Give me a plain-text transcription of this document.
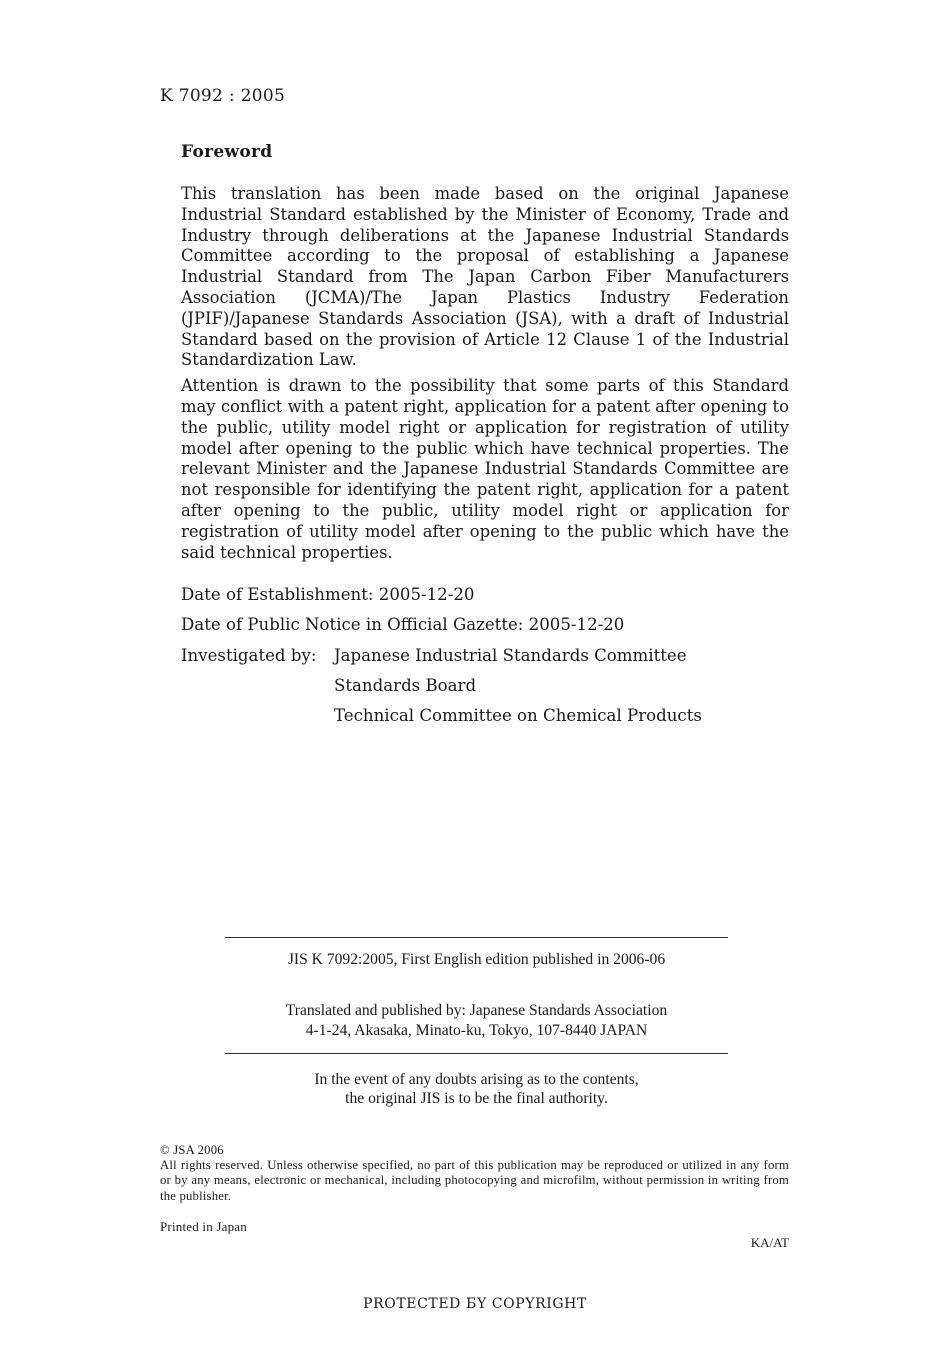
K 7092 : 2005
Foreword

This translation has been made based on the original Japanese Industrial Standard established by the Minister of Economy, Trade and Industry through deliberations at the Japanese Industrial Standards Committee according to the proposal of establishing a Japanese Industrial Standard from The Japan Carbon Fiber Manufacturers Association (JCMA)/The Japan Plastics Industry Federation (JPIF)/Japanese Standards Association (JSA), with a draft of Industrial Standard based on the provision of Article 12 Clause 1 of the Industrial Standardization Law.

Attention is drawn to the possibility that some parts of this Standard may conflict with a patent right, application for a patent after opening to the public, utility model right or application for registration of utility model after opening to the public which have technical properties. The relevant Minister and the Japanese Industrial Standards Committee are not responsible for identifying the patent right, application for a patent after opening to the public, utility model right or application for registration of utility model after opening to the public which have the said technical properties.

Date of Establishment: 2005-12-20
Date of Public Notice in Official Gazette: 2005-12-20
Investigated by: Japanese Industrial Standards Committee
Standards Board
Technical Committee on Chemical Products
JIS K 7092:2005, First English edition published in 2006-06
Translated and published by: Japanese Standards Association
4-1-24, Akasaka, Minato-ku, Tokyo, 107-8440 JAPAN
In the event of any doubts arising as to the contents,
the original JIS is to be the final authority.
© JSA 2006
All rights reserved. Unless otherwise specified, no part of this publication may be reproduced or utilized in any form or by any means, electronic or mechanical, including photocopying and microfilm, without permission in writing from the publisher.
Printed in Japan
KA/AT
PROTECTED БY COPYRIGHT
